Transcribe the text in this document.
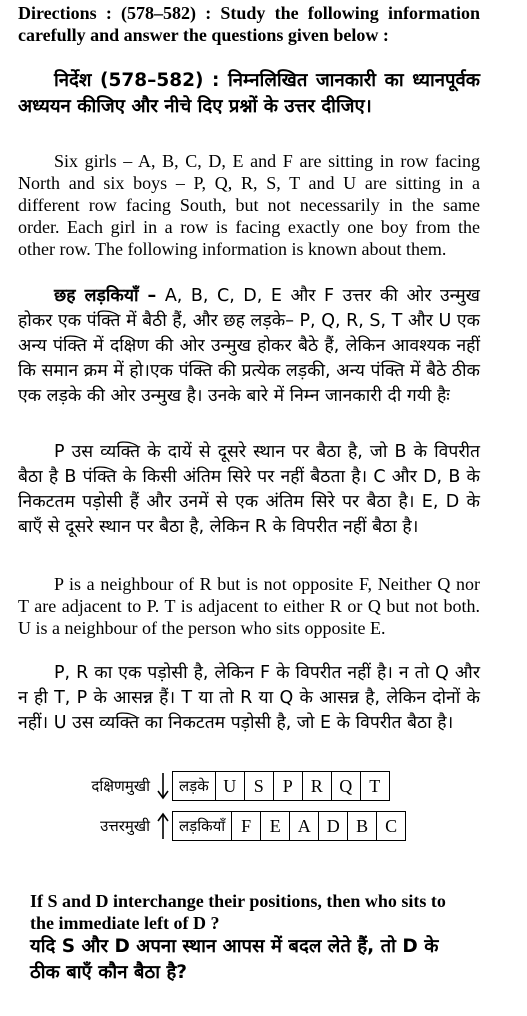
Directions : (578–582) : Study the following information carefully and answer the questions given below :

निर्देश (578–582) : निम्नलिखित जानकारी का ध्यानपूर्वक अध्ययन कीजिए और नीचे दिए प्रश्नों के उत्तर दीजिए।

Six girls – A, B, C, D, E and F are sitting in row facing North and six boys – P, Q, R, S, T and U are sitting in a different row facing South, but not necessarily in the same order. Each girl in a row is facing exactly one boy from the other row. The following information is known about them.

छह लड़कियाँ – A, B, C, D, E और F उत्तर की ओर उन्मुख होकर एक पंक्ति में बैठी हैं, और छह लड़के– P, Q, R, S, T और U एक अन्य पंक्ति में दक्षिण की ओर उन्मुख होकर बैठे हैं, लेकिन आवश्यक नहीं कि समान क्रम में हो।एक पंक्ति की प्रत्येक लड़की, अन्य पंक्ति में बैठे ठीक एक लड़के की ओर उन्मुख है। उनके बारे में निम्न जानकारी दी गयी हैः

P उस व्यक्ति के दायें से दूसरे स्थान पर बैठा है, जो B के विपरीत बैठा है B पंक्ति के किसी अंतिम सिरे पर नहीं बैठता है। C और D, B के निकटतम पड़ोसी हैं और उनमें से एक अंतिम सिरे पर बैठा है। E, D के बाएँ से दूसरे स्थान पर बैठा है, लेकिन R के विपरीत नहीं बैठा है।

P is a neighbour of R but is not opposite F, Neither Q nor T are adjacent to P. T is adjacent to either R or Q but not both. U is a neighbour of the person who sits opposite E.

P, R का एक पड़ोसी है, लेकिन F के विपरीत नहीं है। न तो Q और न ही T, P के आसन्न हैं। T या तो R या Q के आसन्न है, लेकिन दोनों के नहीं। U उस व्यक्ति का निकटतम पड़ोसी है, जो E के विपरीत बैठा है।

दक्षिणमुखी	लड़के U S	P R Q T
उत्तरमुखी	लड़कियाँ F	E A D B C

If S and D interchange their positions, then who sits to the immediate left of D ?

यदि S और D अपना स्थान आपस में बदल लेते हैं, तो D के ठीक बाएँ कौन बैठा है?
